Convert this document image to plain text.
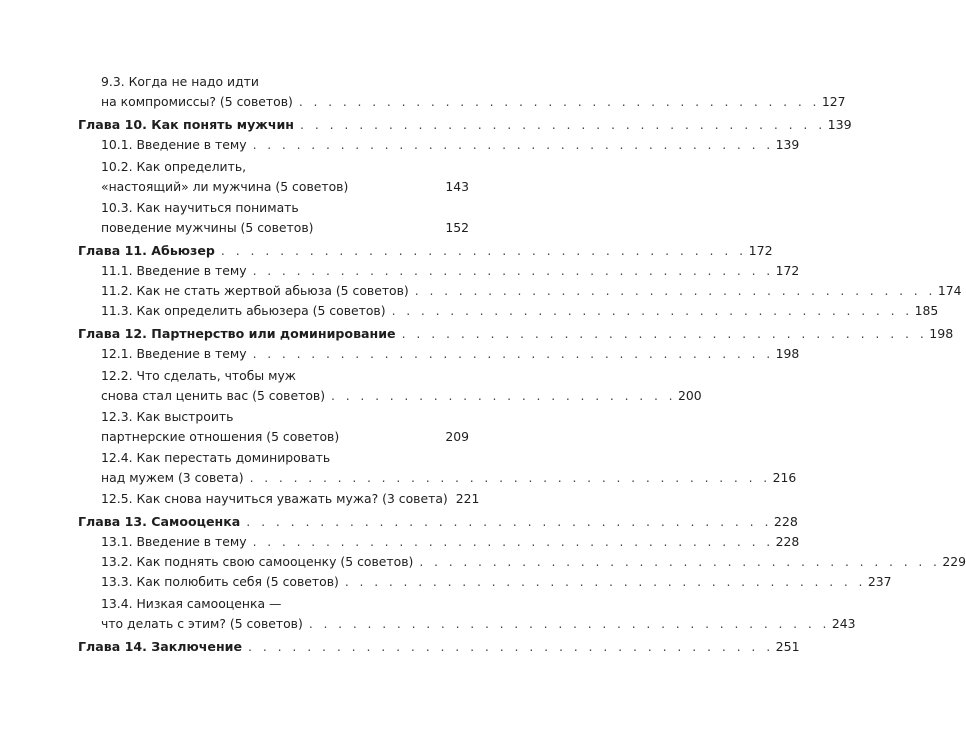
9.3. Когда не надо идти
на компромиссы? (5 советов) . . . . . . . . . . . . . . . . . . . . . . . . . . . . . . . . . . . . 127
Глава 10. Как понять мужчин . . . . . . . . . . . . . . . . . . . . . . . . . . . . . . . . . . . . 139
10.1. Введение в тему . . . . . . . . . . . . . . . . . . . . . . . . . . . . . . . . . . . . 139
10.2. Как определить,
«настоящий» ли мужчина (5 советов)	143
10.3. Как научиться понимать
поведение мужчины (5 советов)	152
Глава 11. Абьюзер . . . . . . . . . . . . . . . . . . . . . . . . . . . . . . . . . . . . 172
11.1. Введение в тему . . . . . . . . . . . . . . . . . . . . . . . . . . . . . . . . . . . . 172
11.2. Как не стать жертвой абьюза (5 советов) . . . . . . . . . . . . . . . . . . . . . . . . . . . . . . . . . . . . 174
11.3. Как определить абьюзера (5 советов) . . . . . . . . . . . . . . . . . . . . . . . . . . . . . . . . . . . . 185
Глава 12. Партнерство или доминирование . . . . . . . . . . . . . . . . . . . . . . . . . . . . . . . . . . . . 198
12.1. Введение в тему . . . . . . . . . . . . . . . . . . . . . . . . . . . . . . . . . . . . 198
12.2. Что сделать, чтобы муж
снова стал ценить вас (5 советов) . . . . . . . . . . . . . . . . . . . . . . . . 200
12.3. Как выстроить
партнерские отношения (5 советов)	209
12.4. Как перестать доминировать
над мужем (3 совета) . . . . . . . . . . . . . . . . . . . . . . . . . . . . . . . . . . . . 216
12.5. Как снова научиться уважать мужа? (3 совета) 221
Глава 13. Самооценка . . . . . . . . . . . . . . . . . . . . . . . . . . . . . . . . . . . . 228
13.1. Введение в тему . . . . . . . . . . . . . . . . . . . . . . . . . . . . . . . . . . . . 228
13.2. Как поднять свою самооценку (5 советов) . . . . . . . . . . . . . . . . . . . . . . . . . . . . . . . . . . . . 229
13.3. Как полюбить себя (5 советов) . . . . . . . . . . . . . . . . . . . . . . . . . . . . . . . . . . . . 237
13.4. Низкая самооценка —
что делать с этим? (5 советов) . . . . . . . . . . . . . . . . . . . . . . . . . . . . . . . . . . . . 243
Глава 14. Заключение . . . . . . . . . . . . . . . . . . . . . . . . . . . . . . . . . . . . 251
